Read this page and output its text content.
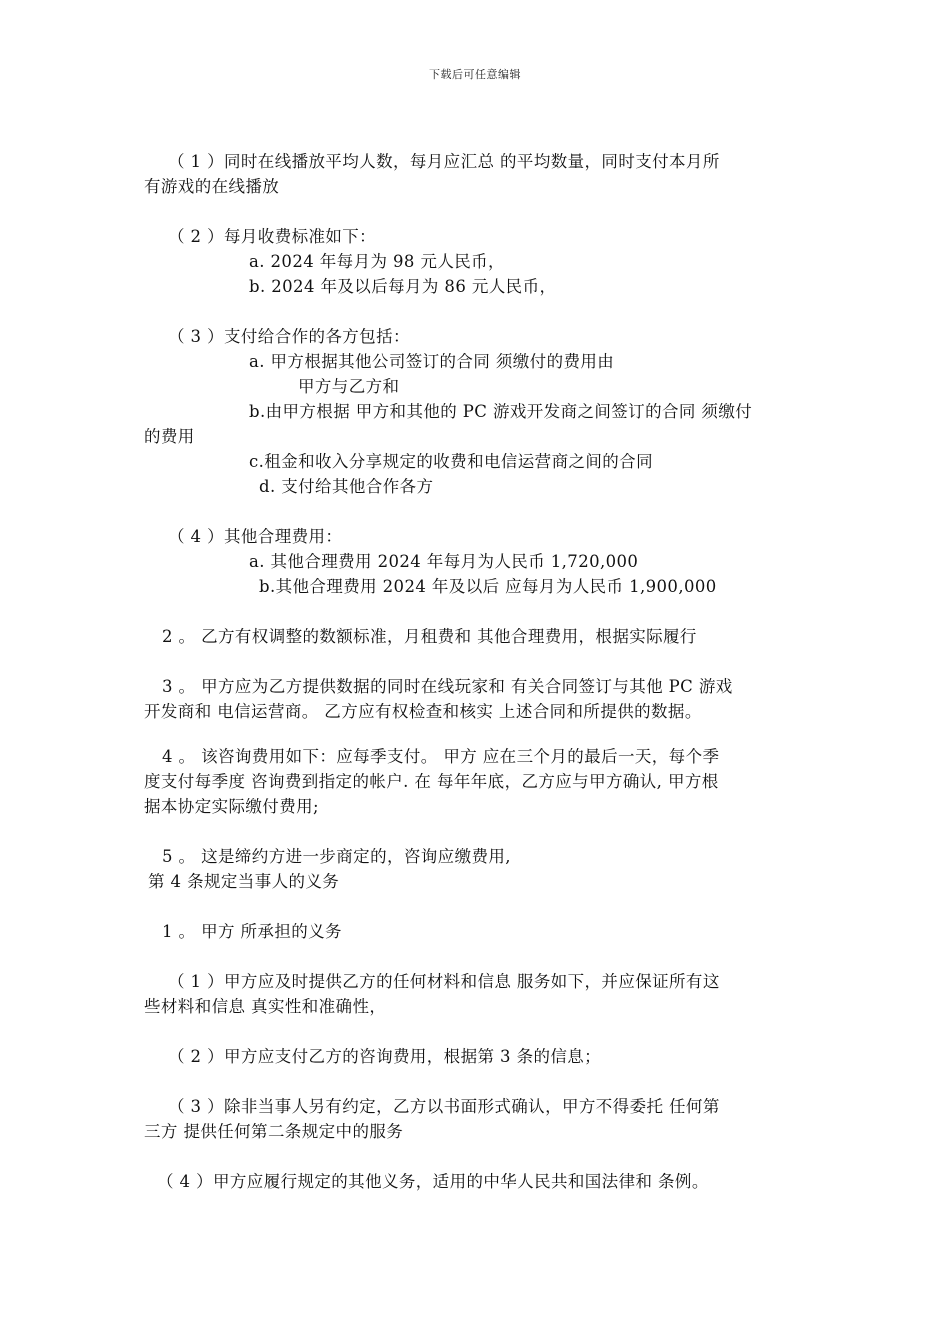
下载后可任意编辑
（ 1 ）同时在线播放平均人数，每月应汇总 的平均数量，同时支付本月所
有游戏的在线播放
（ 2 ）每月收费标准如下：
a. 2024 年每月为 98 元人民币，
b. 2024 年及以后每月为 86 元人民币，
（ 3 ）支付给合作的各方包括：
a. 甲方根据其他公司签订的合同 须缴付的费用由
甲方与乙方和
b.由甲方根据 甲方和其他的 PC 游戏开发商之间签订的合同 须缴付
的费用
c.租金和收入分享规定的收费和电信运营商之间的合同
d. 支付给其他合作各方
（ 4 ）其他合理费用：
a. 其他合理费用 2024 年每月为人民币 1,720,000
b.其他合理费用 2024 年及以后 应每月为人民币 1,900,000
2 。 乙方有权调整的数额标准，月租费和 其他合理费用，根据实际履行
3 。 甲方应为乙方提供数据的同时在线玩家和 有关合同签订与其他 PC 游戏
开发商和 电信运营商。 乙方应有权检查和核实 上述合同和所提供的数据。
4 。 该咨询费用如下：应每季支付。 甲方 应在三个月的最后一天，每个季
度支付每季度 咨询费到指定的帐户. 在 每年年底，乙方应与甲方确认, 甲方根
据本协定实际缴付费用;
5 。 这是缔约方进一步商定的，咨询应缴费用,
第 4 条规定当事人的义务
1 。 甲方 所承担的义务
（ 1 ）甲方应及时提供乙方的任何材料和信息 服务如下，并应保证所有这
些材料和信息 真实性和准确性，
（ 2 ）甲方应支付乙方的咨询费用，根据第 3 条的信息；
（ 3 ）除非当事人另有约定，乙方以书面形式确认，甲方不得委托 任何第
三方 提供任何第二条规定中的服务
（ 4 ）甲方应履行规定的其他义务，适用的中华人民共和国法律和 条例。
